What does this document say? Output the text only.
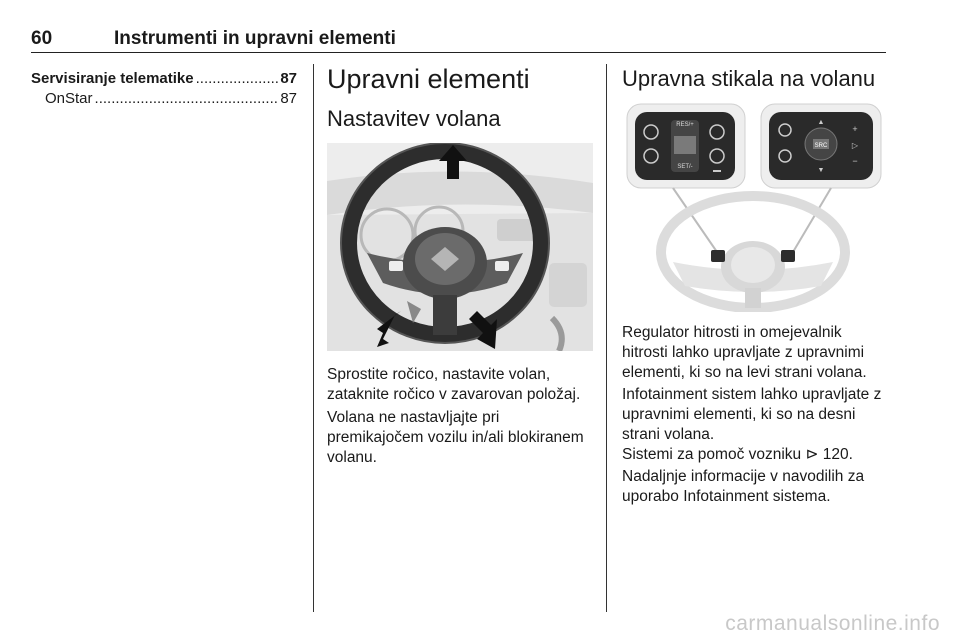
60	Instrumenti in upravni elementi
Servisiranje telematike .....	87
OnStar .....	87
Upravni elementi
Nastavitev volana

Sprostite ročico, nastavite volan, zataknite ročico v zavarovan položaj.

Volana ne nastavljajte pri premikajočem vozilu in/ali blokiranem volanu.

Upravna stikala na volanu
RES/+
SET/-
SRC
▲
▼
+
▷
−

Regulator hitrosti in omejevalnik hitrosti lahko upravljate z upravnimi elementi, ki so na levi strani volana.

Infotainment sistem lahko upravljate z upravnimi elementi, ki so na desni strani volana.

Sistemi za pomoč vozniku ⊳ 120.

Nadaljnje informacije v navodilih za uporabo Infotainment sistema.

carmanualsonline.info
